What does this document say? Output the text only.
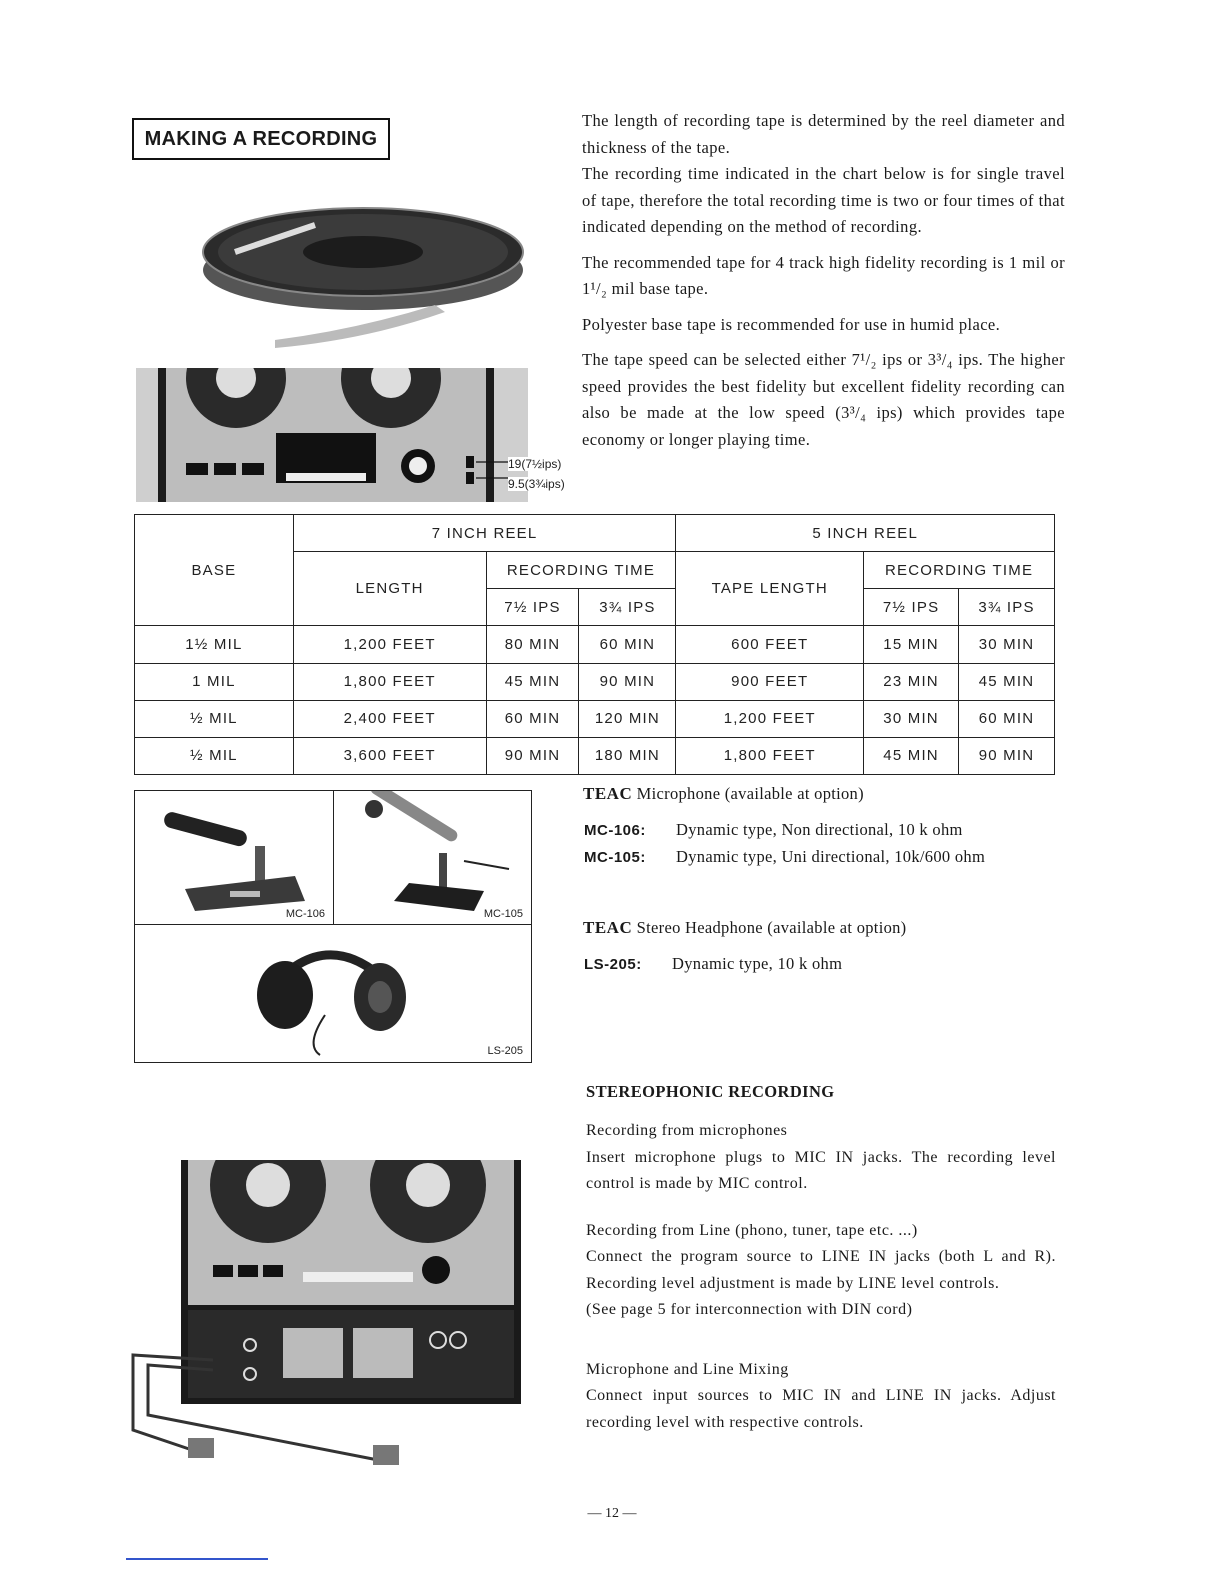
MAKING A RECORDING
19(7½ips)
9.5(3¾ips)

The length of recording tape is determined by the reel diameter and thickness of the tape.

The recording time indicated in the chart below is for single travel of tape, therefore the total recording time is two or four times of that indicated depending on the method of recording.

The recommended tape for 4 track high fidelity recording is 1 mil or 1¹/₂ mil base tape.

Polyester base tape is recommended for use in humid place.

The tape speed can be selected either 7¹/₂ ips or 3³/₄ ips. The higher speed provides the best fidelity but excellent fidelity recording can also be made at the low speed (3³/₄ ips) which provides tape economy or longer playing time.

BASE	7 INCH REEL			5 INCH REEL		
	LENGTH	RECORDING TIME		TAPE LENGTH	RECORDING TIME	
		7½ IPS	3¾ IPS		7½ IPS	3¾ IPS
1½ MIL	1,200 FEET	80 MIN	60 MIN	600 FEET	15 MIN	30 MIN
1 MIL	1,800 FEET	45 MIN	90 MIN	900 FEET	23 MIN	45 MIN
½ MIL	2,400 FEET	60 MIN	120 MIN	1,200 FEET	30 MIN	60 MIN
½ MIL	3,600 FEET	90 MIN	180 MIN	1,800 FEET	45 MIN	90 MIN
MC-106	MC-105
LS-205
TEAC Microphone (available at option)
MC-106: Dynamic type, Non directional, 10 k ohm
MC-105: Dynamic type, Uni directional, 10k/600 ohm
TEAC Stereo Headphone (available at option)
LS-205: Dynamic type, 10 k ohm
STEREOPHONIC RECORDING

Recording from microphones

Insert microphone plugs to MIC IN jacks. The recording level control is made by MIC control.

Recording from Line (phono, tuner, tape etc. ...)

Connect the program source to LINE IN jacks (both L and R). Recording level adjustment is made by LINE level controls.

(See page 5 for interconnection with DIN cord)

Microphone and Line Mixing

Connect input sources to MIC IN and LINE IN jacks. Adjust recording level with respective controls.

— 12 —
